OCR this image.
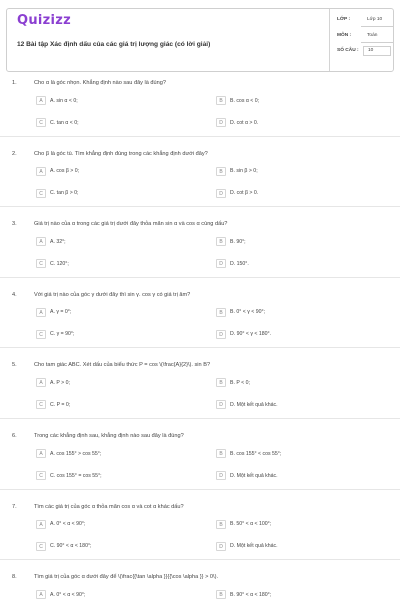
Quizizz
12 Bài tập Xác định dấu của các giá trị lượng giác (có lời giải)
LỚP :	Lớp 10
MÔN :	Toán
SỐ CÂU : 10
1.	Cho α là góc nhọn. Khẳng định nào sau đây là đúng?
A	A. sin α < 0;	B	B. cos α < 0;
C	C. tan α < 0;	D	D. cot α > 0.
2.	Cho β là góc tù. Tìm khẳng định đúng trong các khẳng định dưới đây?
A	A. cos β > 0;	B	B. sin β > 0;
C	C. tan β > 0;	D	D. cot β > 0.
3.	Giá trị nào của α trong các giá trị dưới đây thỏa mãn sin α và cos α cùng dấu?
A	A. 32°;	B	B. 90°;
C	C. 120°;	D	D. 150°.
4.	Với giá trị nào của góc γ dưới đây thì sin γ. cos γ có giá trị âm?
A	A. γ = 0°;	B	B. 0° < γ < 90°;
C	C. γ = 90°;	D	D. 90° < γ < 180°.
5.	Cho tam giác ABC. Xét dấu của biểu thức P = cos \(\frac{A}{2}\). sin B?
A	A. P > 0;	B	B. P < 0;
C	C. P = 0;	D	D. Một kết quả khác.
6.	Trong các khẳng định sau, khẳng định nào sau đây là đúng?
A	A. cos 155° > cos 55°;	B	B. cos 155° < cos 55°;
C	C. cos 155° = cos 55°;	D	D. Một kết quả khác.
7.	Tìm các giá trị của góc α thỏa mãn cos α và cot α khác dấu?
A	A. 0° < α < 90°;	B	B. 50° < α < 100°;
C	C. 90° < α < 180°;	D	D. Một kết quả khác.
8.	Tìm giá trị của góc α dưới đây để \(\frac{{\tan \alpha }}{{\cos \alpha }} > 0\).
A	A. 0° < α < 90°;	B	B. 90° < α < 180°;
